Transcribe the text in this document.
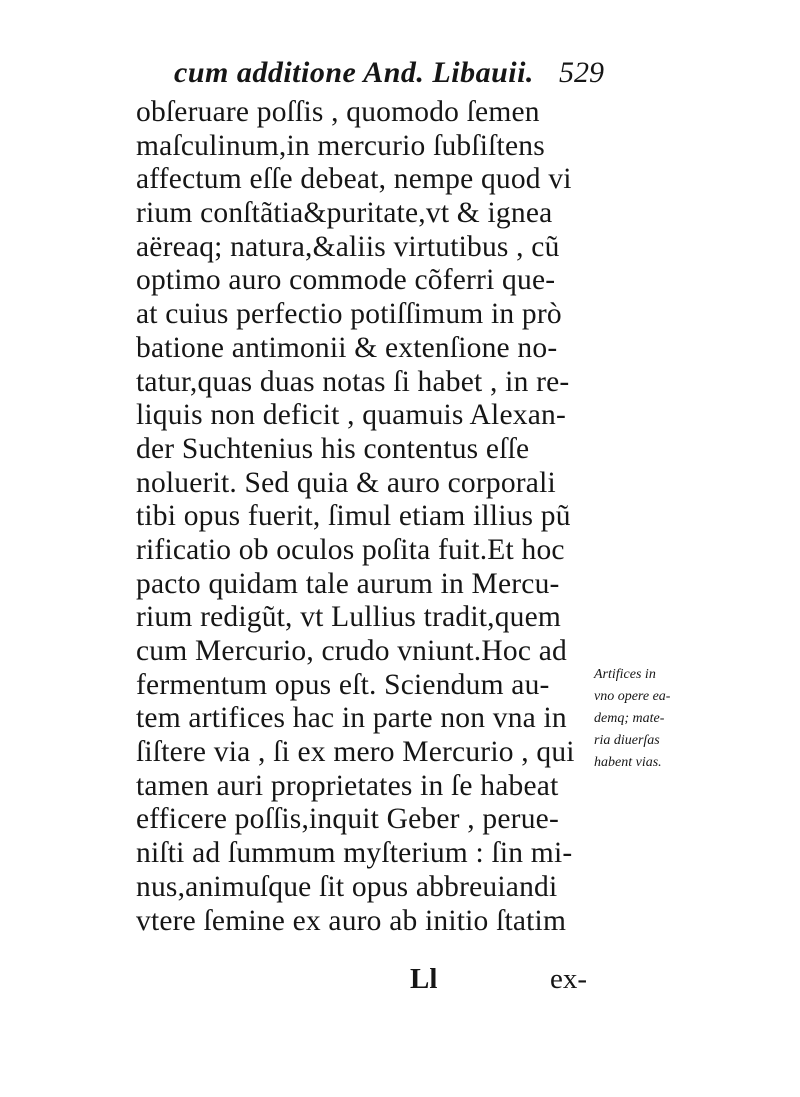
cum additione And. Libauii. 529
obſeruare poſſis , quomodo ſemen
maſculinum,in mercurio ſubſiſtens
affectum eſſe debeat, nempe quod vi
rium conſtãtia&puritate,vt & ignea
aëreaq; natura,&aliis virtutibus , cũ
optimo auro commode cõferri que-
at cuius perfectio potiſſimum in prò
batione antimonii & extenſione no-
tatur,quas duas notas ſi habet , in re-
liquis non deficit , quamuis Alexan-
der Suchtenius his contentus eſſe
noluerit. Sed quia & auro corporali
tibi opus fuerit, ſimul etiam illius pũ
rificatio ob oculos poſita fuit.Et hoc
pacto quidam tale aurum in Mercu-
rium redigũt, vt Lullius tradit,quem
cum Mercurio, crudo vniunt.Hoc ad
fermentum opus eſt. Sciendum au-
tem artifices hac in parte non vna in
ſiſtere via , ſi ex mero Mercurio , qui
tamen auri proprietates in ſe habeat
efficere poſſis,inquit Geber , perue-
niſti ad ſummum myſterium : ſin mi-
nus,animuſque ſit opus abbreuiandi
vtere ſemine ex auro ab initio ſtatim
Artifices in
vno opere ea-
demq; mate-
ria diuerſas
habent vias.
Ll	ex-
